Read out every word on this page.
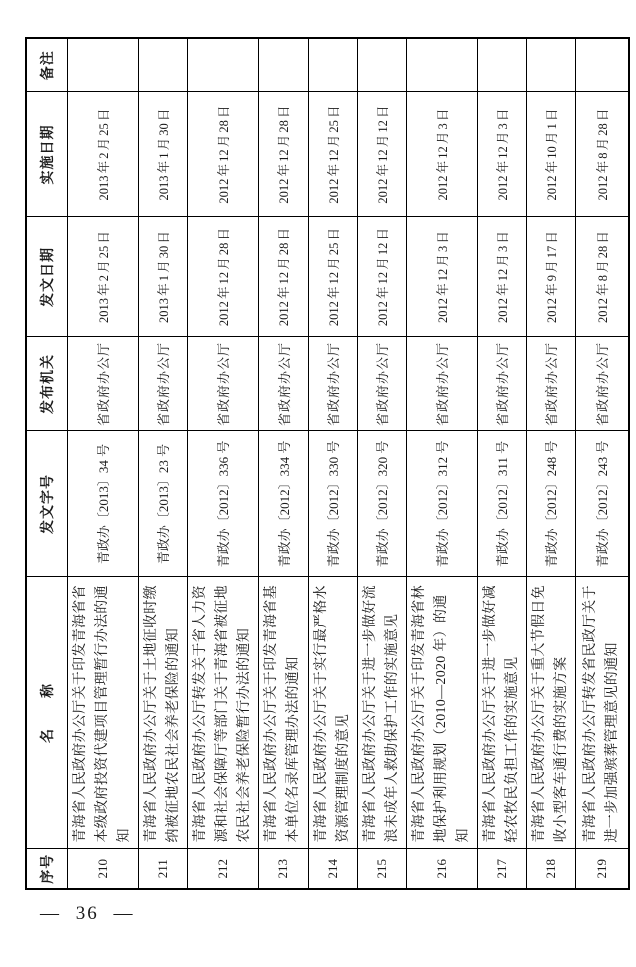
序号	名　　称	发文字号	发布机关	发文日期	实施日期	备注
210	青海省人民政府办公厅关于印发青海省省本级政府投资代建项目管理暂行办法的通知	青政办〔2013〕34 号	省政府办公厅	2013 年 2 月 25 日	2013 年 2 月 25 日	
211	青海省人民政府办公厅关于土地征收时缴纳被征地农民社会养老保险的通知	青政办〔2013〕23 号	省政府办公厅	2013 年 1 月 30 日	2013 年 1 月 30 日	
212	青海省人民政府办公厅转发关于省人力资源和社会保障厅等部门关于青海省被征地农民社会养老保险暂行办法的通知	青政办〔2012〕336 号	省政府办公厅	2012 年 12 月 28 日	2012 年 12 月 28 日	
213	青海省人民政府办公厅关于印发青海省基本单位名录库管理办法的通知	青政办〔2012〕334 号	省政府办公厅	2012 年 12 月 28 日	2012 年 12 月 28 日	
214	青海省人民政府办公厅关于实行最严格水资源管理制度的意见	青政办〔2012〕330 号	省政府办公厅	2012 年 12 月 25 日	2012 年 12 月 25 日	
215	青海省人民政府办公厅关于进一步做好流浪未成年人救助保护工作的实施意见	青政办〔2012〕320 号	省政府办公厅	2012 年 12 月 12 日	2012 年 12 月 12 日	
216	青海省人民政府办公厅关于印发青海省林地保护利用规划（2010—2020 年）的通知	青政办〔2012〕312 号	省政府办公厅	2012 年 12 月 3 日	2012 年 12 月 3 日	
217	青海省人民政府办公厅关于进一步做好减轻农牧民负担工作的实施意见	青政办〔2012〕311 号	省政府办公厅	2012 年 12 月 3 日	2012 年 12 月 3 日	
218	青海省人民政府办公厅关于重大节假日免收小型客车通行费的实施方案	青政办〔2012〕248 号	省政府办公厅	2012 年 9 月 17 日	2012 年 10 月 1 日	
219	青海省人民政府办公厅转发省民政厅关于进一步加强殡葬管理意见的通知	青政办〔2012〕243 号	省政府办公厅	2012 年 8 月 28 日	2012 年 8 月 28 日	
— 36 —
